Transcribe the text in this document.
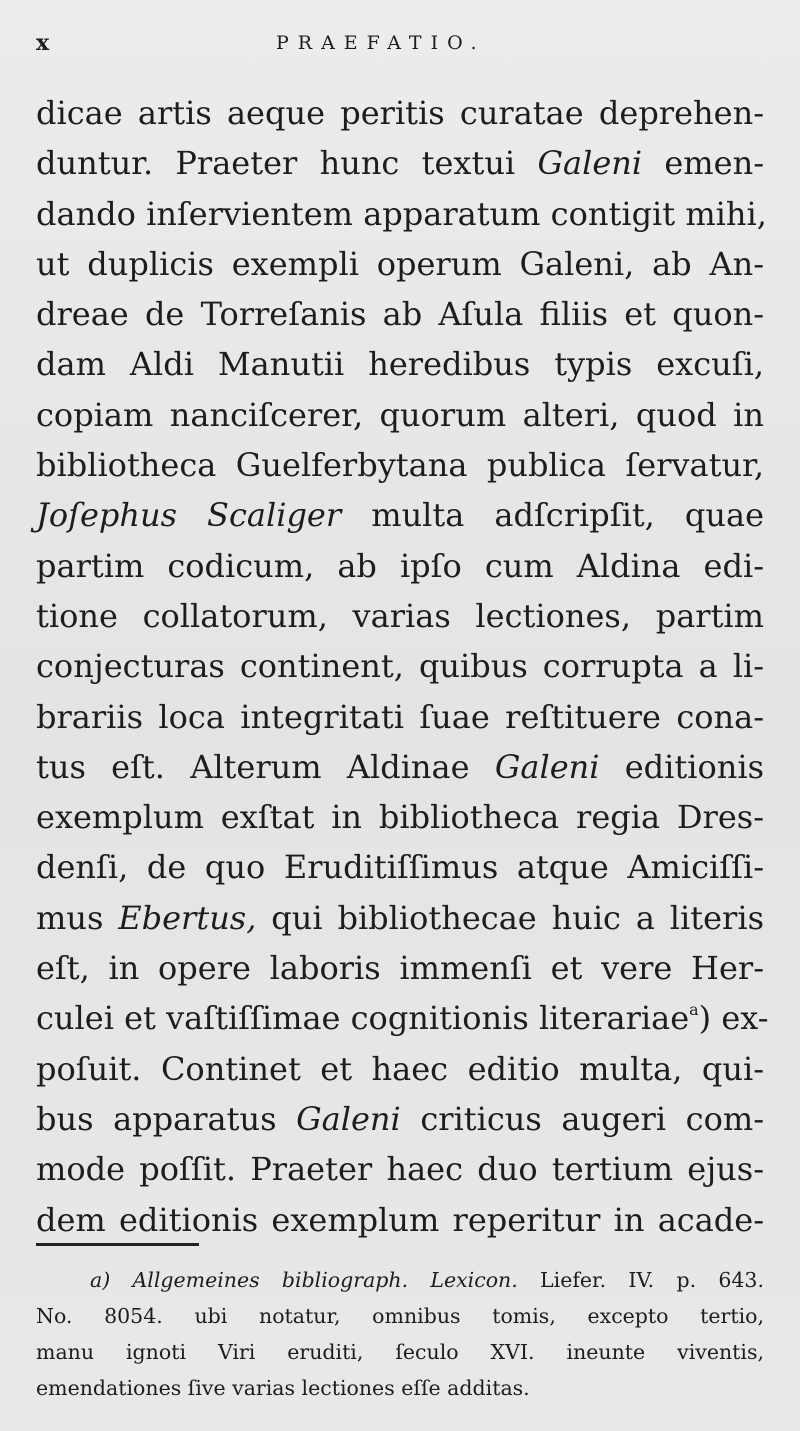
x	PRAEFATIO.
dicae artis aeque peritis curatae deprehen-
duntur. Praeter hunc textui Galeni emen-
dando inſervientem apparatum contigit mihi,
ut duplicis exempli operum Galeni, ab An-
dreae de Torreſanis ab Aſula filiis et quon-
dam Aldi Manutii heredibus typis excuſi,
copiam nanciſcerer, quorum alteri, quod in
bibliotheca Guelferbytana publica ſervatur,
Joſephus Scaliger multa adſcripſit, quae
partim codicum, ab ipſo cum Aldina edi-
tione collatorum, varias lectiones, partim
conjecturas continent, quibus corrupta a li-
brariis loca integritati ſuae reſtituere cona-
tus eſt. Alterum Aldinae Galeni editionis
exemplum exſtat in bibliotheca regia Dres-
denſi, de quo Eruditiſſimus atque Amiciſſi-
mus Ebertus, qui bibliothecae huic a literis
eſt, in opere laboris immenſi et vere Her-
culei et vaſtiſſimae cognitionis literariae$^a$) ex-
poſuit. Continet et haec editio multa, qui-
bus apparatus Galeni criticus augeri com-
mode poſſit. Praeter haec duo tertium ejus-
dem editionis exemplum reperitur in acade-
a) Allgemeines bibliograph. Lexicon. Liefer. IV. p. 643.
No. 8054. ubi notatur, omnibus tomis, excepto tertio,
manu ignoti Viri eruditi, ſeculo XVI. ineunte viventis,
emendationes ſive varias lectiones eſſe additas.
